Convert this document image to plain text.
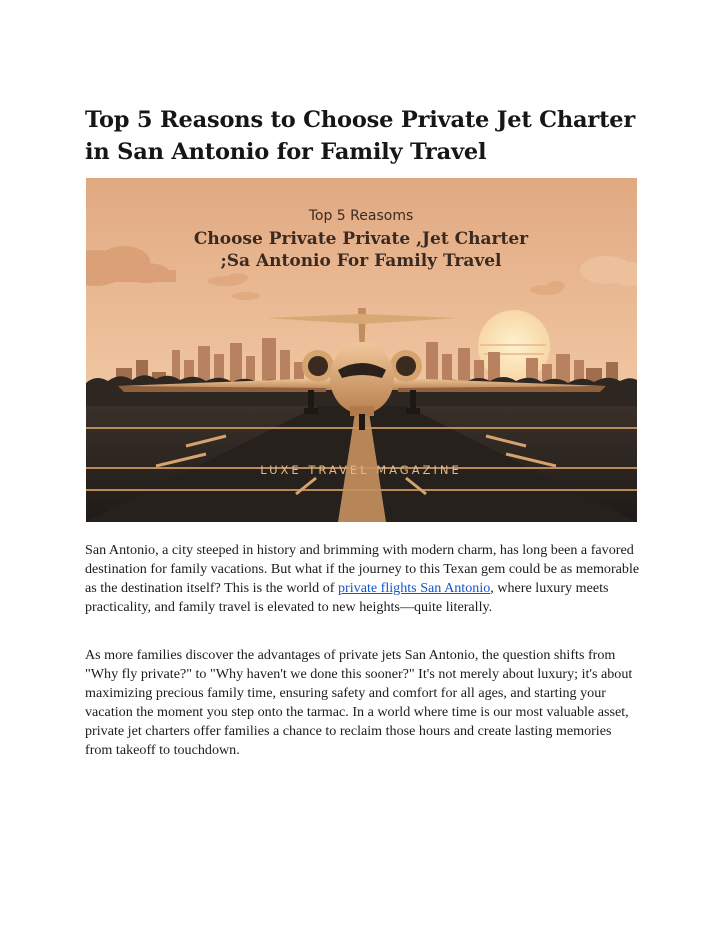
Top 5 Reasons to Choose Private Jet Charter in San Antonio for Family Travel
Top 5 Reasoms
Choose Private Private ,Jet Charter
;Sa Antonio For Family Travel
LUXE TRAVEL MAGAZINE

San Antonio, a city steeped in history and brimming with modern charm, has long been a favored destination for family vacations. But what if the journey to this Texan gem could be as memorable as the destination itself? This is the world of private flights San Antonio, where luxury meets practicality, and family travel is elevated to new heights—quite literally.

As more families discover the advantages of private jets San Antonio, the question shifts from "Why fly private?" to "Why haven't we done this sooner?" It's not merely about luxury; it's about maximizing precious family time, ensuring safety and comfort for all ages, and starting your vacation the moment you step onto the tarmac. In a world where time is our most valuable asset, private jet charters offer families a chance to reclaim those hours and create lasting memories from takeoff to touchdown.
